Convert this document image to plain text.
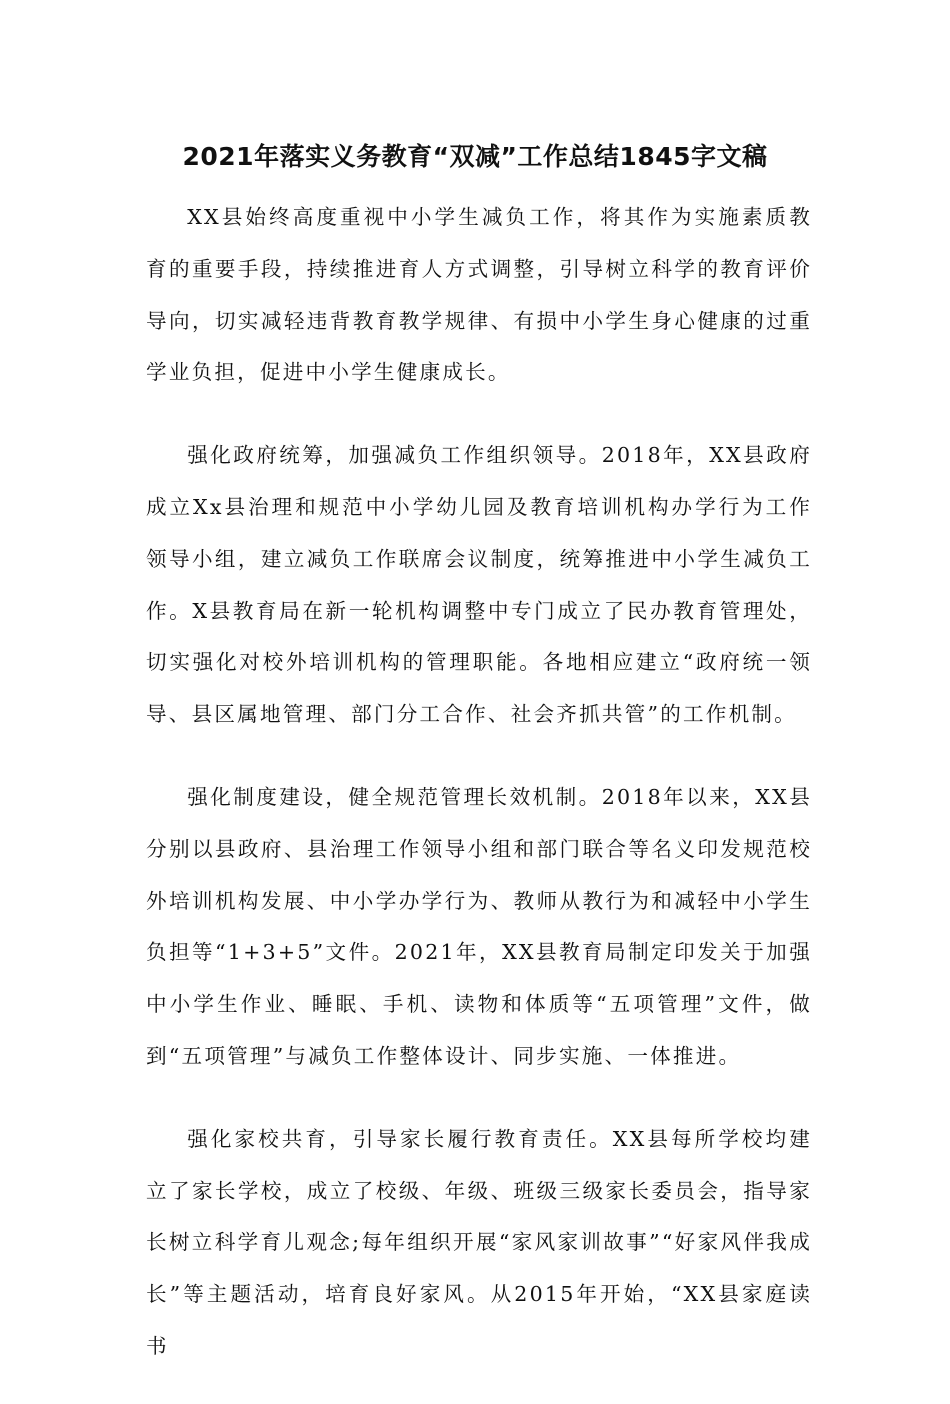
2021年落实义务教育“双减”工作总结1845字文稿

XX县始终高度重视中小学生减负工作，将其作为实施素质教育的重要手段，持续推进育人方式调整，引导树立科学的教育评价导向，切实减轻违背教育教学规律、有损中小学生身心健康的过重学业负担，促进中小学生健康成长。

强化政府统筹，加强减负工作组织领导。2018年，XX县政府成立Xx县治理和规范中小学幼儿园及教育培训机构办学行为工作领导小组，建立减负工作联席会议制度，统筹推进中小学生减负工作。X县教育局在新一轮机构调整中专门成立了民办教育管理处，切实强化对校外培训机构的管理职能。各地相应建立“政府统一领导、县区属地管理、部门分工合作、社会齐抓共管”的工作机制。

强化制度建设，健全规范管理长效机制。2018年以来，XX县分别以县政府、县治理工作领导小组和部门联合等名义印发规范校外培训机构发展、中小学办学行为、教师从教行为和减轻中小学生负担等“1+3+5”文件。2021年，XX县教育局制定印发关于加强中小学生作业、睡眠、手机、读物和体质等“五项管理”文件，做到“五项管理”与减负工作整体设计、同步实施、一体推进。

强化家校共育，引导家长履行教育责任。XX县每所学校均建立了家长学校，成立了校级、年级、班级三级家长委员会，指导家长树立科学育儿观念;每年组织开展“家风家训故事”“好家风伴我成长”等主题活动，培育良好家风。从2015年开始，“XX县家庭读书
